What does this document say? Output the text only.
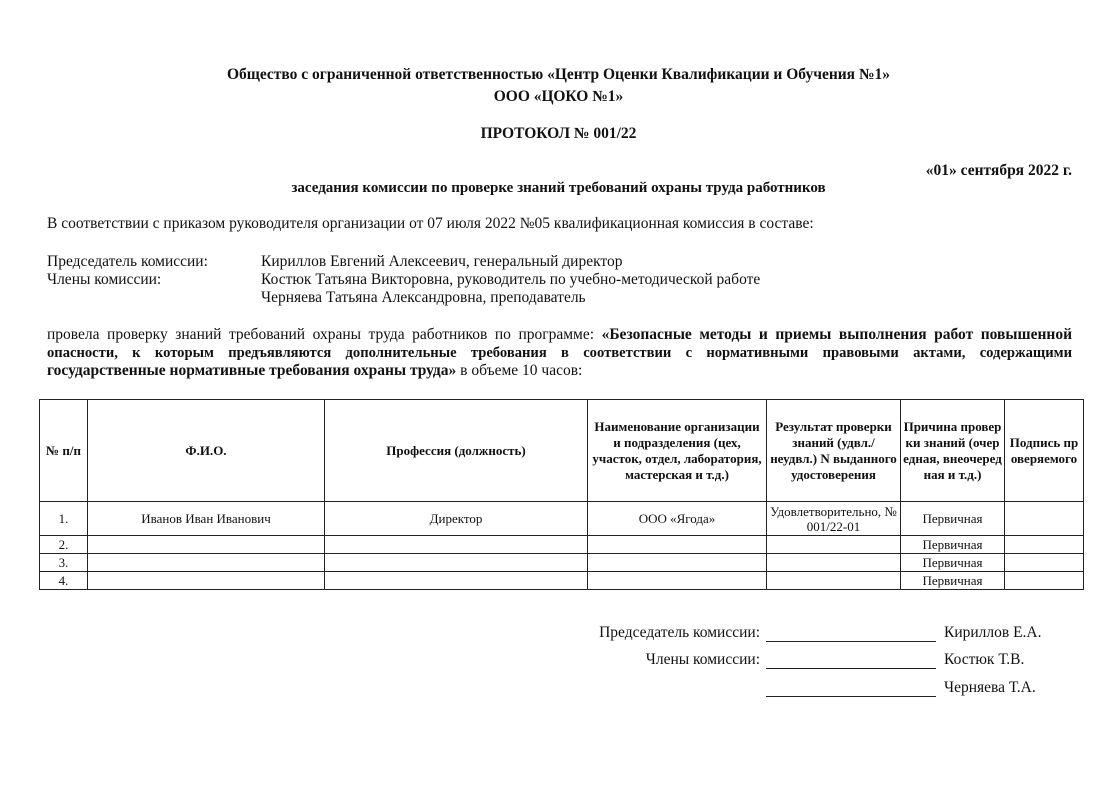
Общество с ограниченной ответственностью «Центр Оценки Квалификации и Обучения №1»
ООО «ЦОКО №1»
ПРОТОКОЛ № 001/22
«01» сентября 2022 г.
заседания комиссии по проверке знаний требований охраны труда работников
В соответствии с приказом руководителя организации от 07 июля 2022 №05 квалификационная комиссия в составе:
Председатель комиссии:	Кириллов Евгений Алексеевич, генеральный директор
Члены комиссии:	Костюк Татьяна Викторовна, руководитель по учебно-методической работе
Черняева Татьяна Александровна, преподаватель
провела проверку знаний требований охраны труда работников по программе: «Безопасные методы и приемы выполнения работ повышенной
опасности, к которым предъявляются дополнительные требования в соответствии с нормативными правовыми актами, содержащими
государственные нормативные требования охраны труда» в объеме 10 часов:
№ п/п	Ф.И.О.	Профессия (должность)	Наименование организации и подразделения (цех, участок, отдел, лаборатория, мастерская и т.д.)	Результат проверки знаний (удвл./неудвл.) N выданного удостоверения	Причина проверки знаний (очередная, внеочередная и т.д.)	Подпись проверяемого
1.	Иванов Иван Иванович	Директор	ООО «Ягода»	Удовлетворительно, № 001/22-01	Первичная	
2.					Первичная	
3.					Первичная	
4.					Первичная	
Председатель комиссии:	Кириллов Е.А.
Члены комиссии:	Костюк Т.В.
Черняева Т.А.
